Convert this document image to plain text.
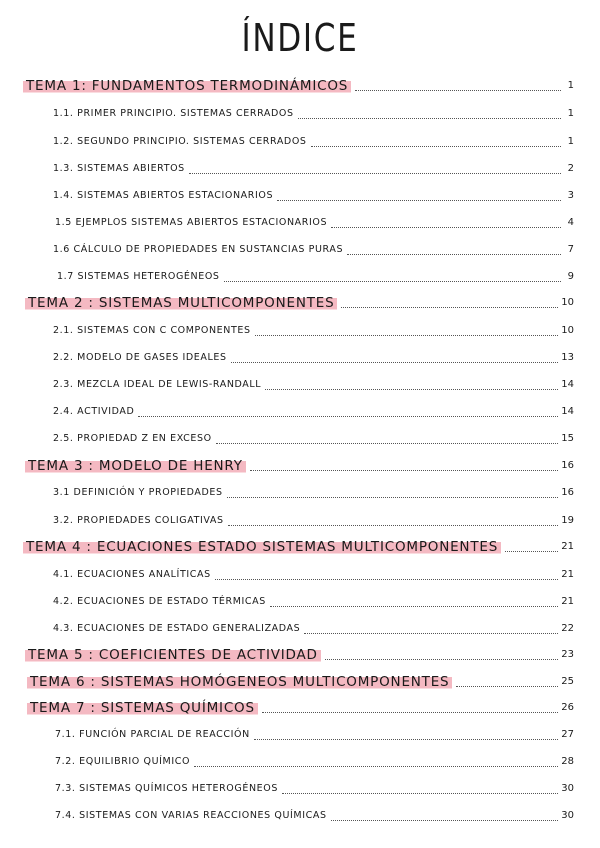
ÍNDICE
TEMA 1: FUNDAMENTOS TERMODINÁMICOS	1
1.1. PRIMER PRINCIPIO. SISTEMAS CERRADOS	1
1.2. SEGUNDO PRINCIPIO. SISTEMAS CERRADOS	1
1.3. SISTEMAS ABIERTOS	2
1.4. SISTEMAS ABIERTOS ESTACIONARIOS	3
1.5 EJEMPLOS SISTEMAS ABIERTOS ESTACIONARIOS	4
1.6 CÁLCULO DE PROPIEDADES EN SUSTANCIAS PURAS	7
1.7 SISTEMAS HETEROGÉNEOS	9
TEMA 2 : SISTEMAS MULTICOMPONENTES	10
2.1. SISTEMAS CON C COMPONENTES	10
2.2. MODELO DE GASES IDEALES	13
2.3. MEZCLA IDEAL DE LEWIS-RANDALL	14
2.4. ACTIVIDAD	14
2.5. PROPIEDAD Z EN EXCESO	15
TEMA 3 : MODELO DE HENRY	16
3.1 DEFINICIÓN Y PROPIEDADES	16
3.2. PROPIEDADES COLIGATIVAS	19
TEMA 4 : ECUACIONES ESTADO SISTEMAS MULTICOMPONENTES	21
4.1. ECUACIONES ANALÍTICAS	21
4.2. ECUACIONES DE ESTADO TÉRMICAS	21
4.3. ECUACIONES DE ESTADO GENERALIZADAS	22
TEMA 5 : COEFICIENTES DE ACTIVIDAD	23
TEMA 6 : SISTEMAS HOMÓGENEOS MULTICOMPONENTES	25
TEMA 7 : SISTEMAS QUÍMICOS	26
7.1. FUNCIÓN PARCIAL DE REACCIÓN	27
7.2. EQUILIBRIO QUÍMICO	28
7.3. SISTEMAS QUÍMICOS HETEROGÉNEOS	30
7.4. SISTEMAS CON VARIAS REACCIONES QUÍMICAS	30
